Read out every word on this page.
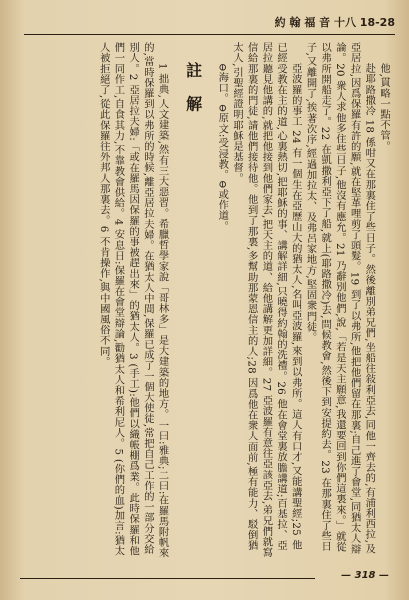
約 翰 福 音 十八 18-28

他,貫略一點不管。

赴耶路撒冷 18 係咁又在那裏住了些日子。然後離別弟兄們,坐船往敍利亞去,同他一齊去的,有浦利西拉,及亞居拉,因爲保羅有許的願,就在堅革哩剪了頭髮。19 到了以弗所,他把他們留在那裏;自己進了會堂,同猶太人辯論。20 衆人求他多住些日子,他沒有應允。21 乃辭別他們,說,「若是天主願意,我還要回到你們這裏來。」就從以弗所開船走了。22 在凱撒利亞下了船,就上(耶路撒冷)去,問候教會,然後下到安提約去。23 在那裏住了些日子,又離開了,挨著次序,經過加拉太、及弗呂家地方,堅固衆門徒。

亞波羅的事工 24 有一個生在亞歷山大的猶太人,名叫亞波羅,來到以弗所。這人有口才,又能講聖經;25 他已經受教在主的道,心裏熱切,把耶穌的事、講解詳細,只曉得約翰的洗禮。26 他在會堂裏放膽講道;百基拉、亞居拉聽見他講的,就把他接到他們家去,把天主的道、給他講解更加詳細。27 亞波羅有意往亞該亞去,弟兄們就寫信給那裏的門徒,請他們接待他。他到了那裏,多幫助那蒙恩信主的人;28 因爲他在衆人面前,極有能力、駁倒猶太人,引聖經證明耶穌是基督。

⊖海口。⊖原文:受浸教。⊖或作道。

註 解

1 拙典,人文建築,然有三大惡習。希臘哲學家說「哥林多」是大建築的地方。一曰:雅典;二曰:在羅馬附帆來的,當時保羅到以弗所的時候,離亞居拉夫婦。在猶太人中間,保羅已成了一個大使徒,常把自己工作的一部分交給別人。2 亞居拉夫婦:「或在羅馬因保羅的事被趕出來」的猶太人。3 (手工):他們以織帳棚爲業。此時保羅和他們一同作工,自食其力,不靠教會供給。4 安息日:保羅在會堂辯論,勸猶太人和希利尼人。5 (你們的血)加言:猶太人被拒絕了,從此保羅往外邦人那裏去。6 不肯操作,與中國風俗不同。

— 318 —
